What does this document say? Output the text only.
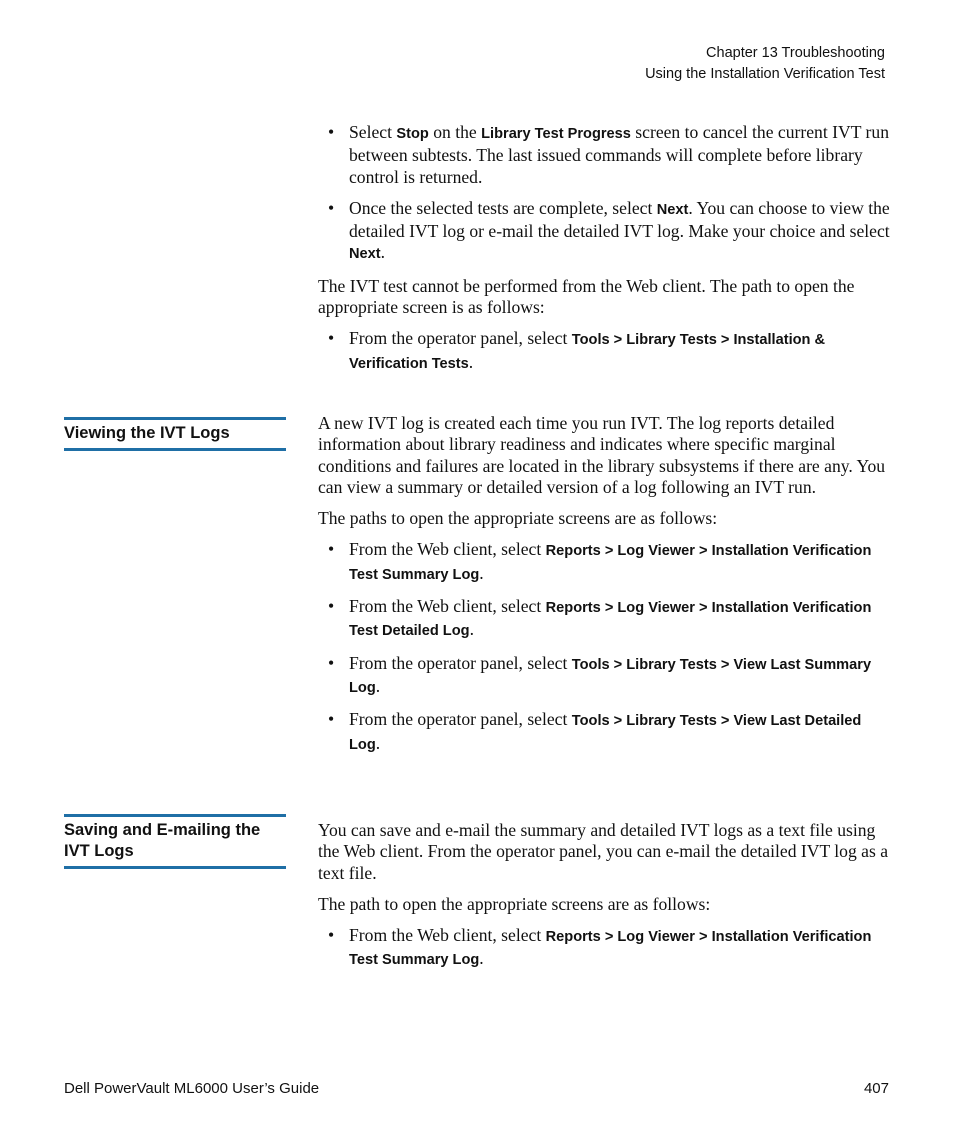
Chapter 13 Troubleshooting
Using the Installation Verification Test
• Select Stop on the Library Test Progress screen to cancel the current IVT run between subtests. The last issued commands will complete before library control is returned.
• Once the selected tests are complete, select Next. You can choose to view the detailed IVT log or e-mail the detailed IVT log. Make your choice and select Next.

The IVT test cannot be performed from the Web client. The path to open the appropriate screen is as follows:

• From the operator panel, select Tools > Library Tests > Installation & Verification Tests.
Viewing the IVT Logs	A new IVT log is created each time you run IVT. The log reports detailed information about library readiness and indicates where specific marginal conditions and failures are located in the library subsystems if there are any. You can view a summary or detailed version of a log following an IVT run.

The paths to open the appropriate screens are as follows:

• From the Web client, select Reports > Log Viewer > Installation Verification Test Summary Log.
• From the Web client, select Reports > Log Viewer > Installation Verification Test Detailed Log.
• From the operator panel, select Tools > Library Tests > View Last Summary Log.
• From the operator panel, select Tools > Library Tests > View Last Detailed Log.
Saving and E-mailing the IVT Logs

You can save and e-mail the summary and detailed IVT logs as a text file using the Web client. From the operator panel, you can e-mail the detailed IVT log as a text file.

The path to open the appropriate screens are as follows:

• From the Web client, select Reports > Log Viewer > Installation Verification Test Summary Log.
Dell PowerVault ML6000 User’s Guide	407
